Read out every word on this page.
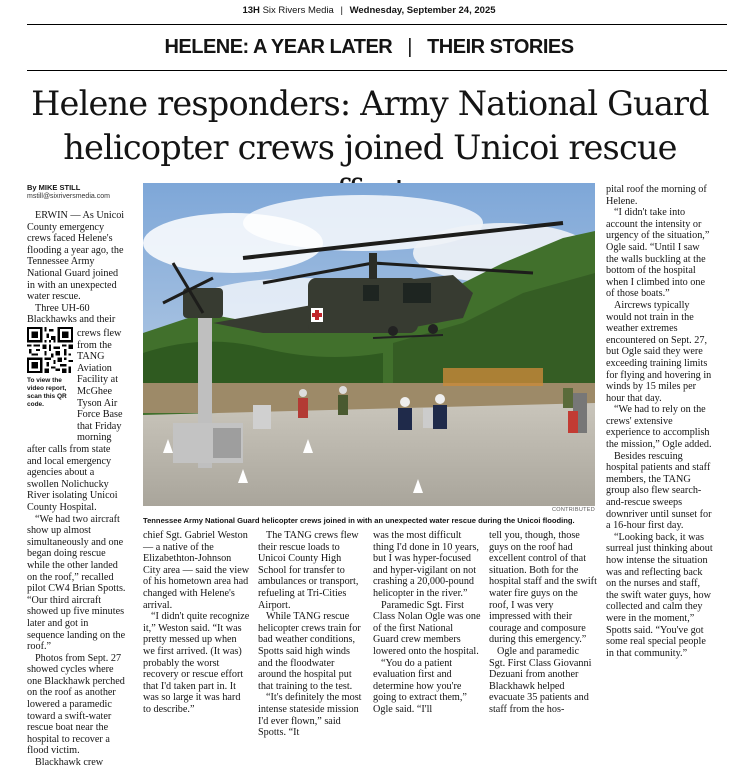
13H Six Rivers Media | Wednesday, September 24, 2025
HELENE: A YEAR LATER | THEIR STORIES
Helene responders: Army National Guard helicopter crews joined Unicoi rescue
By MIKE STILL
mstill@sixriversmedia.com

ERWIN — As Unicoi County emergency crews faced Helene's flooding a year ago, the Tennessee Army National Guard joined in with an unexpected water rescue.

Three UH-60 Blackhawks and their

crews flew
from the
TANG
Aviation
Facility at
McGhee
Tyson Air
Force Base
that Friday
morning
To view the video report, scan this QR code.

after calls from state and local emergency agencies about a swollen Nolichucky River isolating Unicoi County Hospital.

“We had two aircraft show up almost simultaneously and one began doing rescue while the other landed on the roof,” recalled pilot CW4 Brian Spotts. “Our third aircraft showed up five minutes later and got in sequence landing on the roof.”

Photos from Sept. 27 showed cycles where one Blackhawk perched on the roof as another lowered a paramedic toward a swift-water rescue boat near the hospital to recover a flood victim.

Blackhawk crew

CONTRIBUTED
Tennessee Army National Guard helicopter crews joined in with an unexpected water rescue during the Unicoi flooding.

chief Sgt. Gabriel Weston — a native of the Elizabethton-Johnson City area — said the view of his hometown area had changed with Helene's arrival.

“I didn't quite recognize it,” Weston said. “It was pretty messed up when we first arrived. (It was) probably the worst recovery or rescue effort that I'd taken part in. It was so large it was hard to describe.”

The TANG crews flew their rescue loads to Unicoi County High School for transfer to ambulances or transport, refueling at Tri-Cities Airport.

While TANG rescue helicopter crews train for bad weather conditions, Spotts said high winds and the floodwater around the hospital put that training to the test.

“It's definitely the most intense stateside mission I'd ever flown,” said Spotts. “It

was the most difficult thing I'd done in 10 years, but I was hyper-focused and hyper-vigilant on not crashing a 20,000-pound helicopter in the river.”

Paramedic Sgt. First Class Nolan Ogle was one of the first National Guard crew members lowered onto the hospital.

“You do a patient evaluation first and determine how you're going to extract them,” Ogle said. “I'll

tell you, though, those guys on the roof had excellent control of that situation. Both for the hospital staff and the swift water fire guys on the roof, I was very impressed with their courage and composure during this emergency.”

Ogle and paramedic Sgt. First Class Giovanni Dezuani from another Blackhawk helped evacuate 35 patients and staff from the hos-

pital roof the morning of Helene.

“I didn't take into account the intensity or urgency of the situation,” Ogle said. “Until I saw the walls buckling at the bottom of the hospital when I climbed into one of those boats.”

Aircrews typically would not train in the weather extremes encountered on Sept. 27, but Ogle said they were exceeding training limits for flying and hovering in winds by 15 miles per hour that day.

“We had to rely on the crews' extensive experience to accomplish the mission,” Ogle added.

Besides rescuing hospital patients and staff members, the TANG group also flew search-and-rescue sweeps downriver until sunset for a 16-hour first day.

“Looking back, it was surreal just thinking about how intense the situation was and reflecting back on the nurses and staff, the swift water guys, how collected and calm they were in the moment,” Spotts said. “You've got some real special people in that community.”
